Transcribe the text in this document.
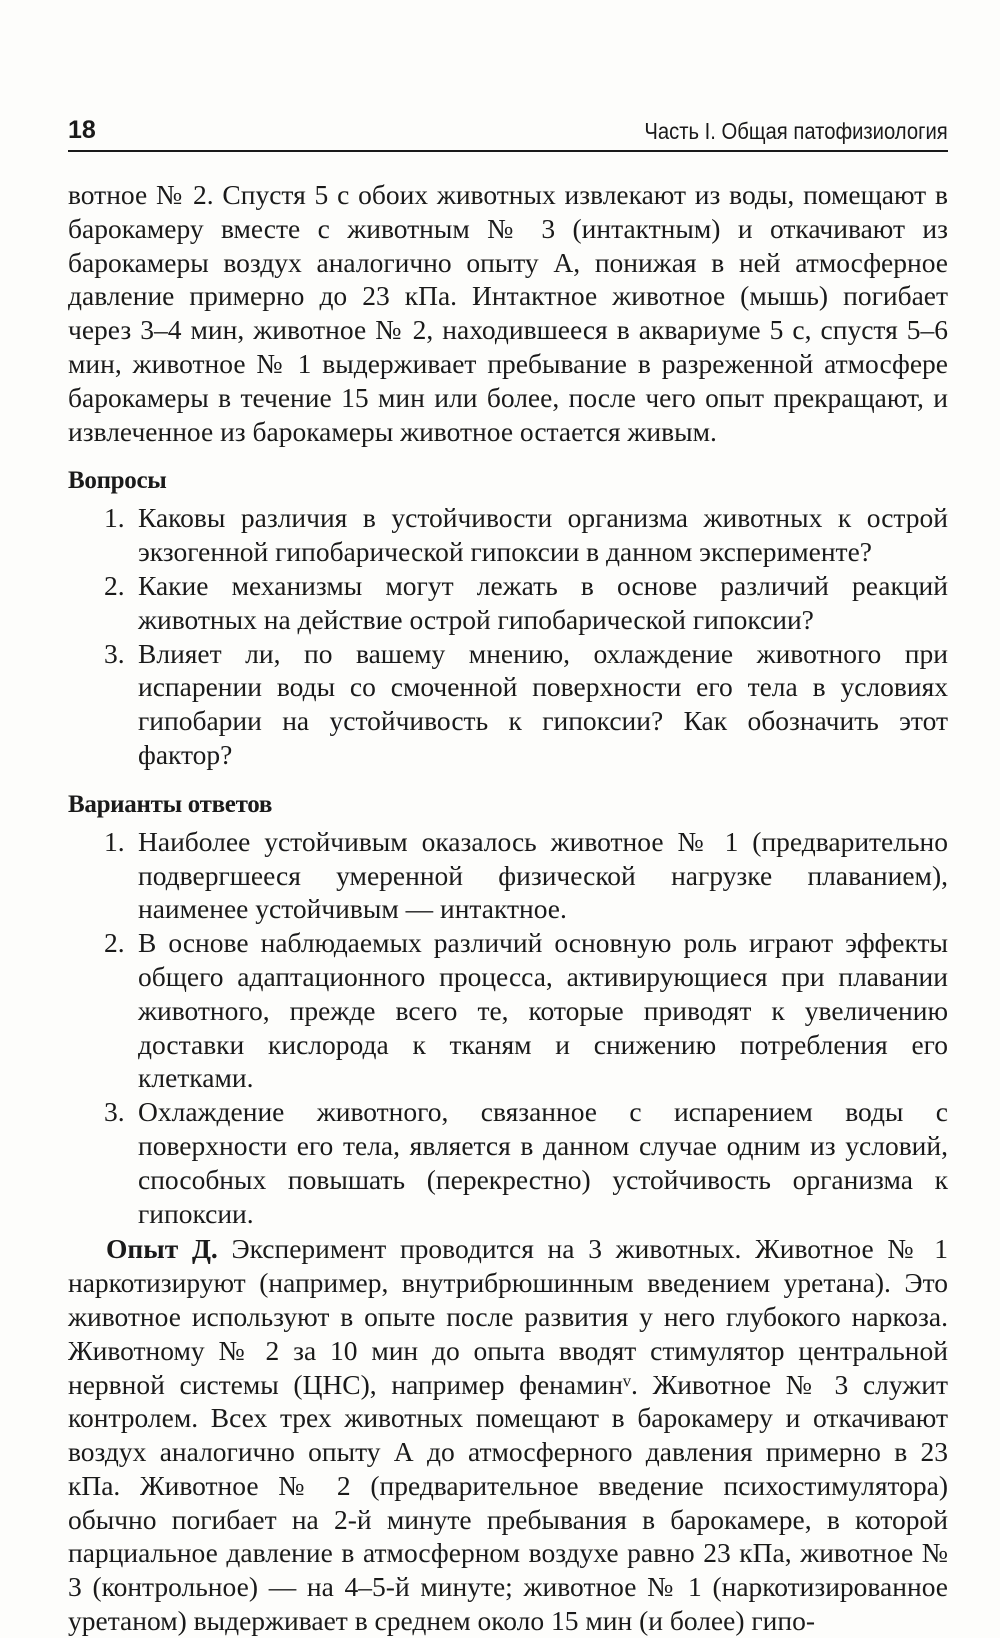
18	Часть I. Общая патофизиология

вотное № 2. Спустя 5 с обоих животных извлекают из воды, помещают в барокамеру вместе с животным № 3 (интактным) и откачивают из барокамеры воздух аналогично опыту А, понижая в ней атмосферное давление примерно до 23 кПа. Интактное животное (мышь) погибает через 3–4 мин, животное № 2, находившееся в аквариуме 5 с, спустя 5–6 мин, животное № 1 выдерживает пребывание в разреженной атмосфере барокамеры в течение 15 мин или более, после чего опыт прекращают, и извлеченное из барокамеры животное остается живым.

Вопросы
1. Каковы различия в устойчивости организма животных к острой экзогенной гипобарической гипоксии в данном эксперименте?
2. Какие механизмы могут лежать в основе различий реакций животных на действие острой гипобарической гипоксии?
3. Влияет ли, по вашему мнению, охлаждение животного при испарении воды со смоченной поверхности его тела в условиях гипобарии на устойчивость к гипоксии? Как обозначить этот фактор?
Варианты ответов
1. Наиболее устойчивым оказалось животное № 1 (предварительно подвергшееся умеренной физической нагрузке плаванием), наименее устойчивым — интактное.
2. В основе наблюдаемых различий основную роль играют эффекты общего адаптационного процесса, активирующиеся при плавании животного, прежде всего те, которые приводят к увеличению доставки кислорода к тканям и снижению потребления его клетками.
3. Охлаждение животного, связанное с испарением воды с поверхности его тела, является в данном случае одним из условий, способных повышать (перекрестно) устойчивость организма к гипоксии.

Опыт Д. Эксперимент проводится на 3 животных. Животное № 1 наркотизируют (например, внутрибрюшинным введением уретана). Это животное используют в опыте после развития у него глубокого наркоза. Животному № 2 за 10 мин до опыта вводят стимулятор центральной нервной системы (ЦНС), например фенаминᵛ. Животное № 3 служит контролем. Всех трех животных помещают в барокамеру и откачивают воздух аналогично опыту А до атмосферного давления примерно в 23 кПа. Животное № 2 (предварительное введение психостимулятора) обычно погибает на 2-й минуте пребывания в барокамере, в которой парциальное давление в атмосферном воздухе равно 23 кПа, животное № 3 (контрольное) — на 4–5-й минуте; животное № 1 (наркотизированное уретаном) выдерживает в среднем около 15 мин (и более) гипо-
